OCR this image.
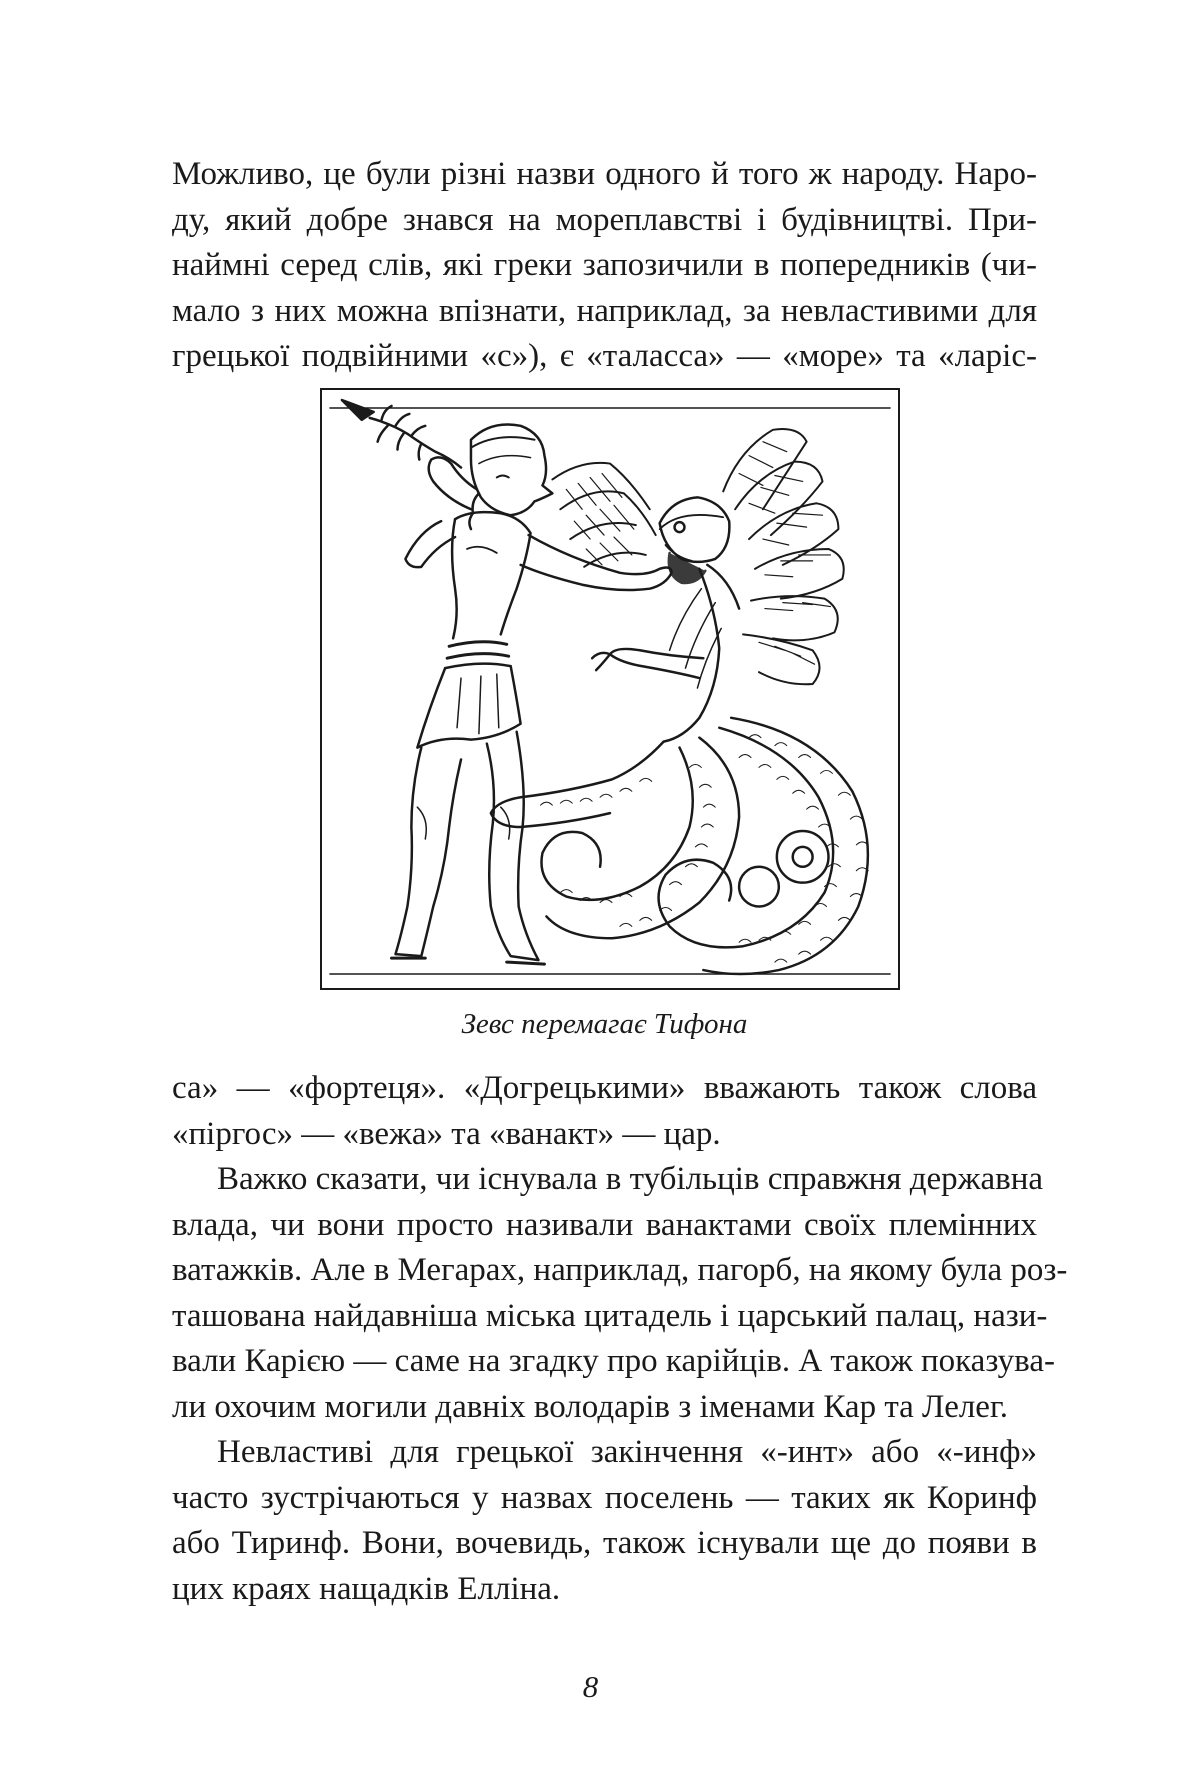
Можливо, це були різні назви одного й того ж народу. Наро-
ду, який добре знався на мореплавстві і будівництві. При-
наймні серед слів, які греки запозичили в попередників (чи-
мало з них можна впізнати, наприклад, за невластивими для
грецької подвійними «с»), є «таласса» — «море» та «ларіс-

Зевс перемагає Тифона

са» — «фортеця». «Догрецькими» вважають також слова
«піргос» — «вежа» та «ванакт» — цар.

Важко сказати, чи існувала в тубільців справжня державна
влада, чи вони просто називали ванактами своїх племінних
ватажків. Але в Мегарах, наприклад, пагорб, на якому була роз-
ташована найдавніша міська цитадель і царський палац, нази-
вали Карією — саме на згадку про карійців. А також показува-
ли охочим могили давніх володарів з іменами Кар та Лелег.

Невластиві для грецької закінчення «-инт» або «-инф»
часто зустрічаються у назвах поселень — таких як Коринф
або Тиринф. Вони, вочевидь, також існували ще до появи в
цих краях нащадків Еллінa.

8
